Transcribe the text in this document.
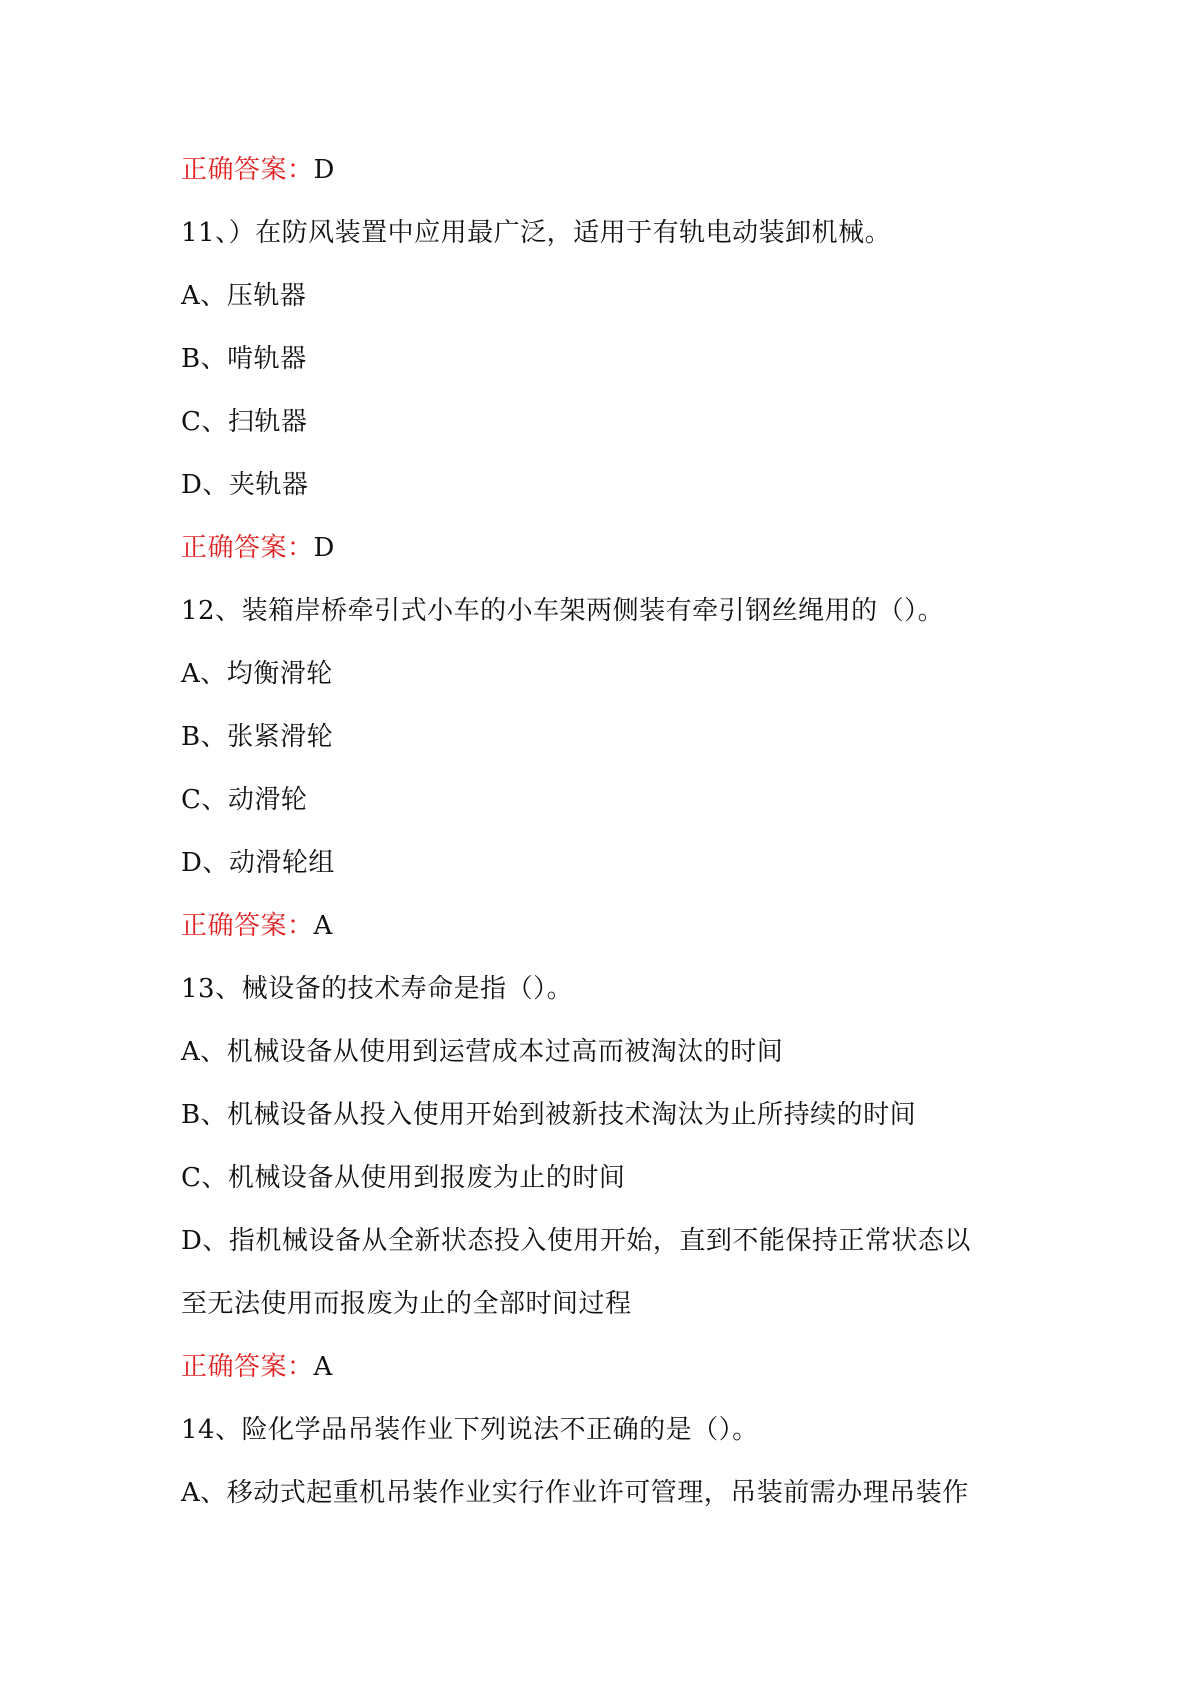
正确答案：D
11、）在防风装置中应用最广泛，适用于有轨电动装卸机械。
A、压轨器
B、啃轨器
C、扫轨器
D、夹轨器
正确答案：D
12、装箱岸桥牵引式小车的小车架两侧装有牵引钢丝绳用的（）。
A、均衡滑轮
B、张紧滑轮
C、动滑轮
D、动滑轮组
正确答案：A
13、械设备的技术寿命是指（）。
A、机械设备从使用到运营成本过高而被淘汰的时间
B、机械设备从投入使用开始到被新技术淘汰为止所持续的时间
C、机械设备从使用到报废为止的时间
D、指机械设备从全新状态投入使用开始，直到不能保持正常状态以
至无法使用而报废为止的全部时间过程
正确答案：A
14、险化学品吊装作业下列说法不正确的是（）。
A、移动式起重机吊装作业实行作业许可管理，吊装前需办理吊装作
